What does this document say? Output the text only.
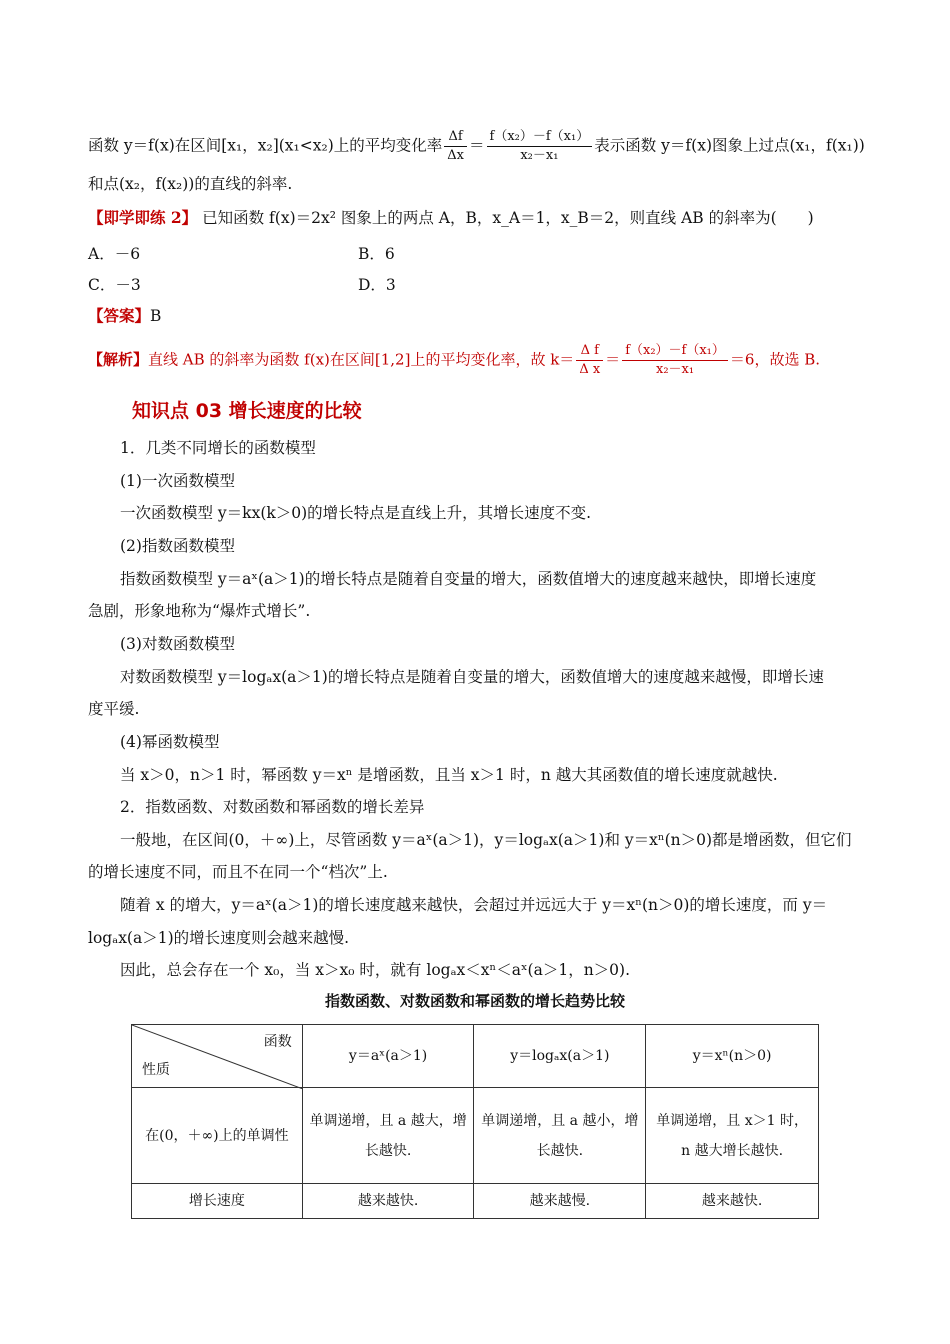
函数 y＝f(x)在区间[x₁，x₂](x₁<x₂)上的平均变化率 $\frac{\Delta f}{\Delta x} = \frac{\text{f（x₂）－f（x₁）}}{\text{x₂－x₁}}$ 表示函数 y＝f(x)图象上过点(x₁，f(x₁))
和点(x₂，f(x₂))的直线的斜率.
【即学即练 2】 已知函数 f(x)＝2x² 图象上的两点 A，B，x_A＝1，x_B＝2，则直线 AB 的斜率为(　　)
A．－6	B．6
C．－3	D．3
【答案】B
【解析】直线 AB 的斜率为函数 f(x)在区间[1,2]上的平均变化率，故 $k= \frac{\text{Δ f}}{\text{Δ x}} = \frac{\text{f（x₂）－f（x₁）}}{\text{x₂－x₁}} =6$，故选 B.
知识点 03 增长速度的比较
1．几类不同增长的函数模型
(1)一次函数模型
一次函数模型 y＝kx(k＞0)的增长特点是直线上升，其增长速度不变.
(2)指数函数模型
指数函数模型 y＝aˣ(a＞1)的增长特点是随着自变量的增大，函数值增大的速度越来越快，即增长速度
急剧，形象地称为“爆炸式增长”.
(3)对数函数模型
对数函数模型 y＝logₐx(a＞1)的增长特点是随着自变量的增大，函数值增大的速度越来越慢，即增长速
度平缓.
(4)幂函数模型
当 x＞0，n＞1 时，幂函数 y＝xⁿ 是增函数，且当 x＞1 时，n 越大其函数值的增长速度就越快.
2．指数函数、对数函数和幂函数的增长差异
一般地，在区间(0，＋∞)上，尽管函数 y＝aˣ(a＞1)，y＝logₐx(a＞1)和 y＝xⁿ(n＞0)都是增函数，但它们
的增长速度不同，而且不在同一个“档次”上.
随着 x 的增大，y＝aˣ(a＞1)的增长速度越来越快，会超过并远远大于 y＝xⁿ(n＞0)的增长速度，而 y＝
logₐx(a＞1)的增长速度则会越来越慢.
因此，总会存在一个 x₀，当 x＞x₀ 时，就有 logₐx＜xⁿ＜aˣ(a＞1，n＞0).
指数函数、对数函数和幂函数的增长趋势比较
函数
性质	y＝aˣ(a＞1)	y＝logₐx(a＞1)	y＝xⁿ(n＞0)
在(0，＋∞)上的单调性	单调递增，且 a 越大，增长越快.	单调递增，且 a 越小，增长越快.	单调递增，且 x＞1 时，n 越大增长越快.
增长速度	越来越快.	越来越慢.	越来越快.
